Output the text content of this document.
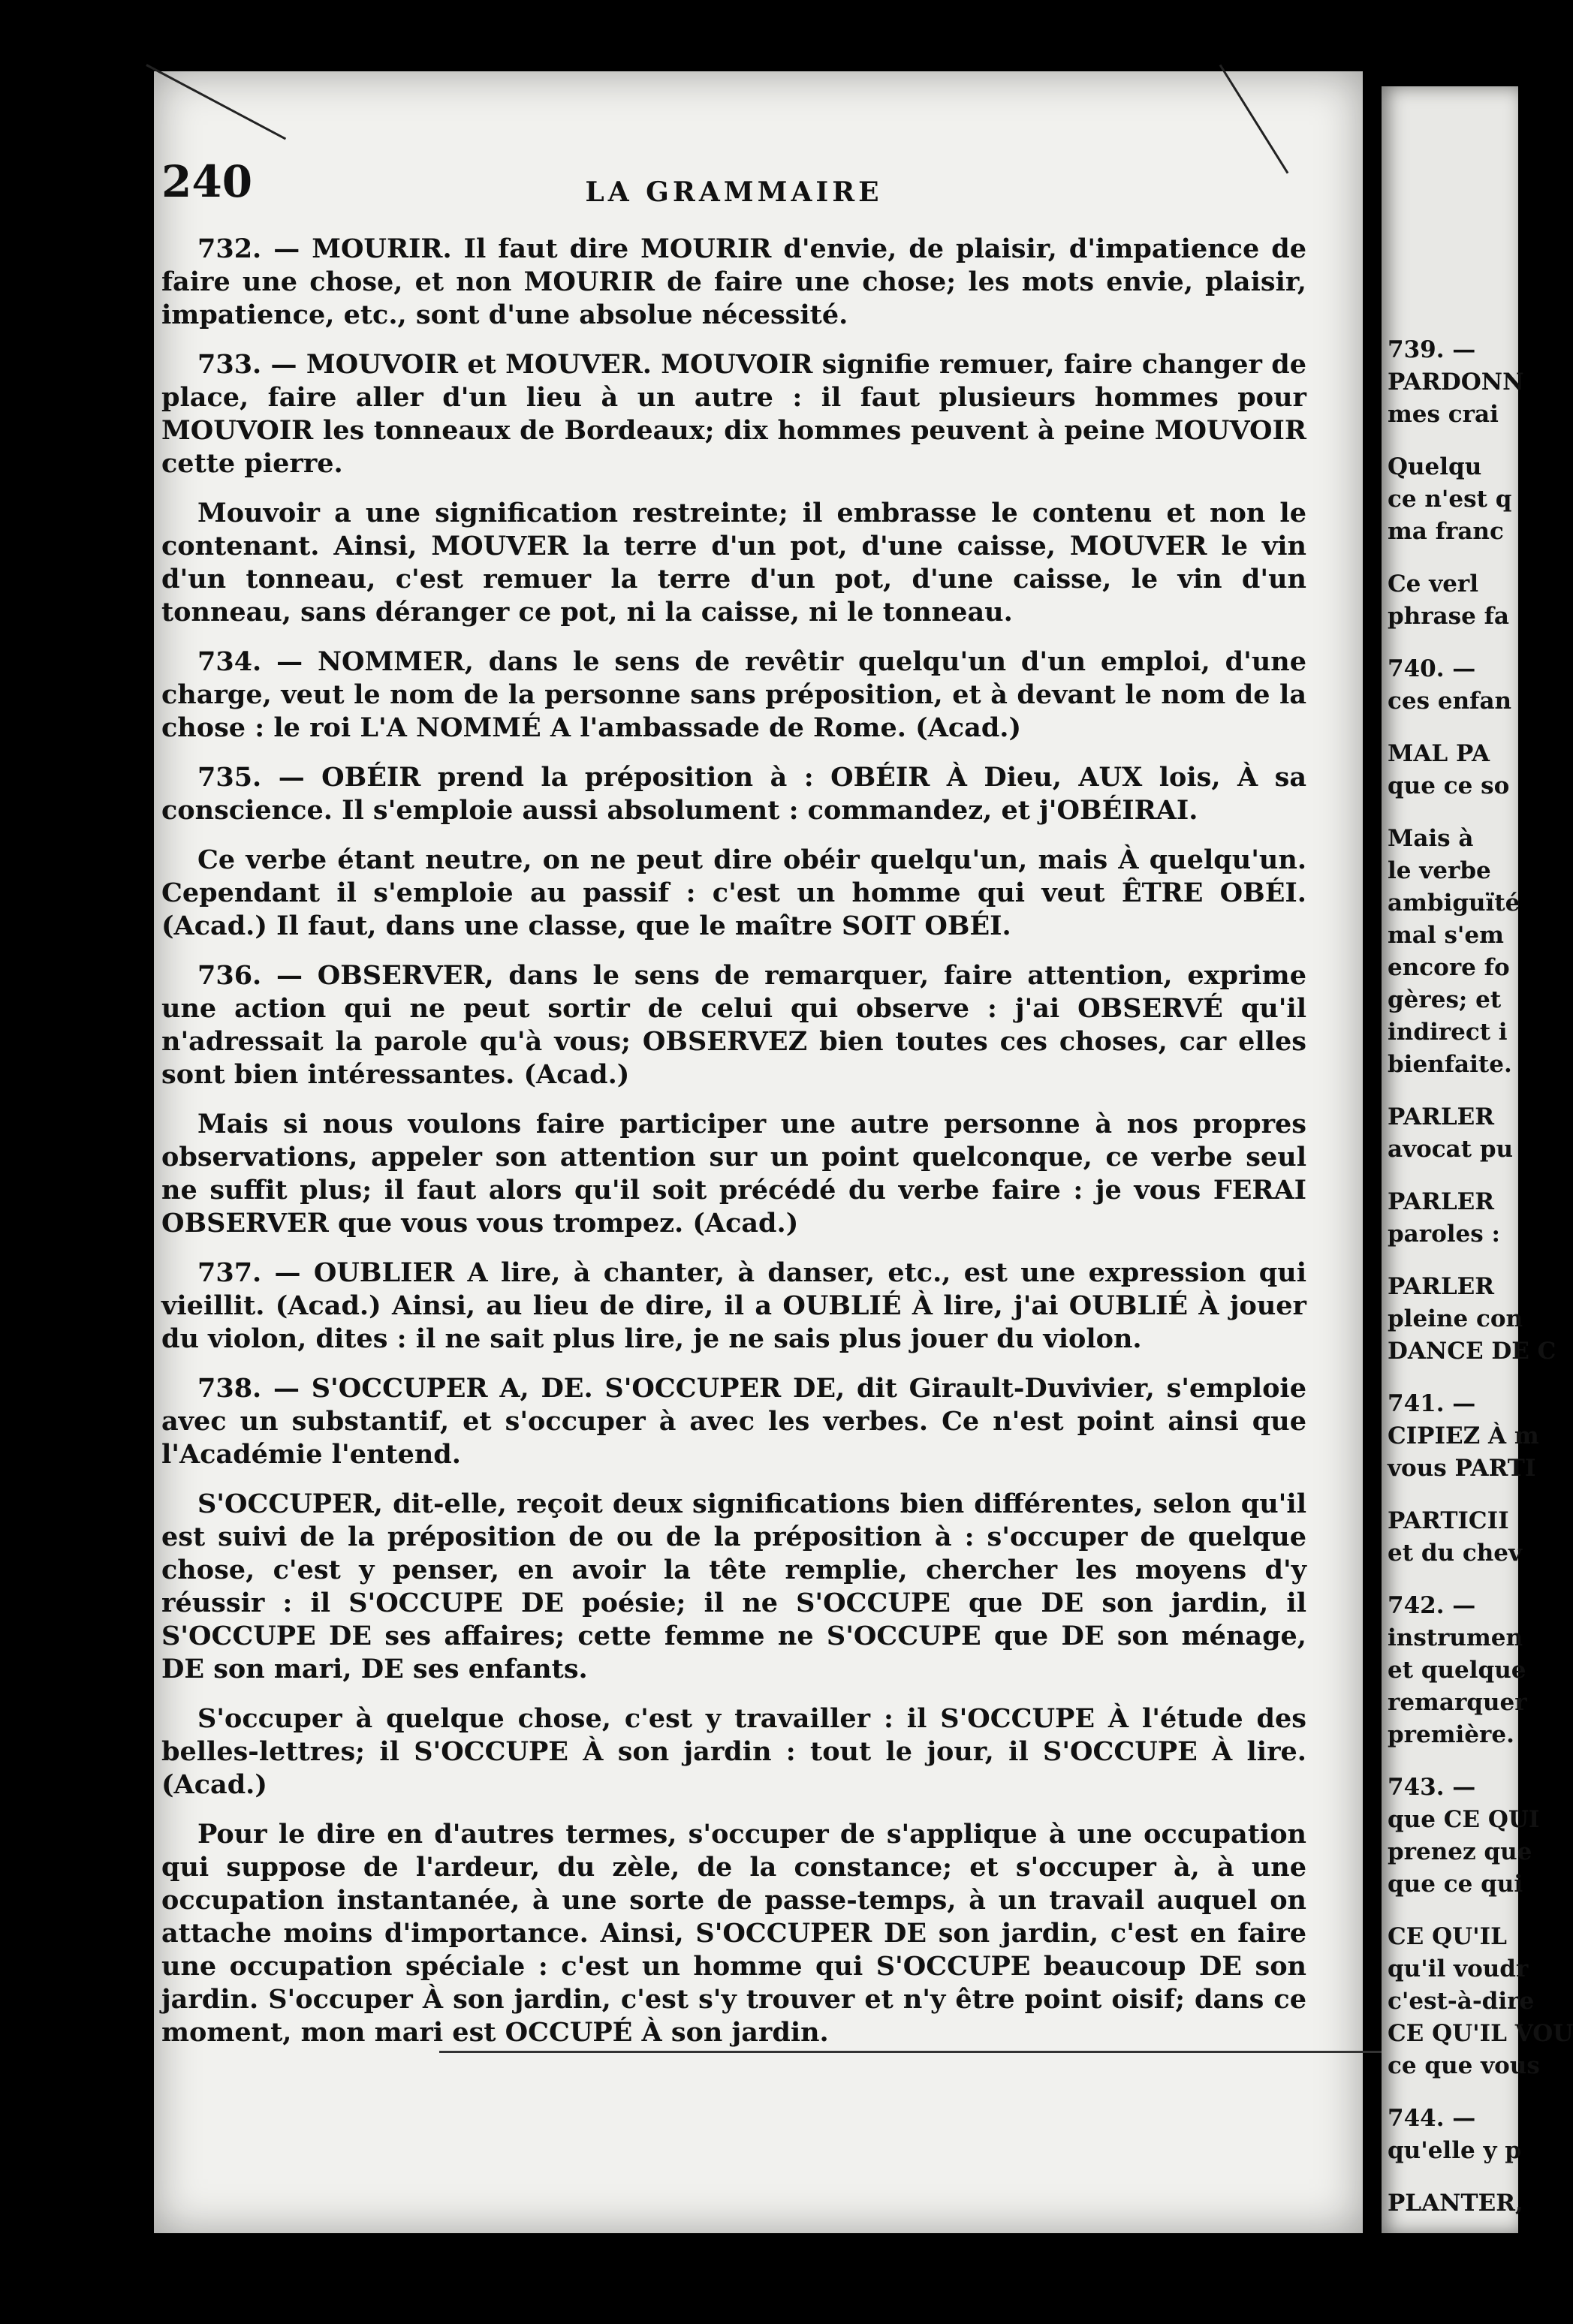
739. —
PARDONN
mes crai
Quelqu
ce n'est q
ma franc
Ce verl
phrase fa
740. —
ces enfan
MAL PA
que ce so
Mais à
le verbe
ambiguïté
mal s'em
encore fo
gères; et
indirect i
bienfaite.
PARLER
avocat pu
PARLER
paroles :
PARLER
pleine con
DANCE DE C
741. —
CIPIEZ À m
vous PARTI
PARTICII
et du chev
742. —
instrumen
et quelque
remarquer
première.
743. —
que CE QUI
prenez que
que ce qui
CE QU'IL
qu'il voudr
c'est-à-dire
CE QU'IL VOU
ce que vous
744. —
qu'elle y p
PLANTER,
240	LA GRAMMAIRE

732. — MOURIR. Il faut dire MOURIR d'envie, de plaisir, d'impatience de faire une chose, et non MOURIR de faire une chose; les mots envie, plaisir, impatience, etc., sont d'une absolue nécessité.

733. — MOUVOIR et MOUVER. MOUVOIR signifie remuer, faire changer de place, faire aller d'un lieu à un autre : il faut plusieurs hommes pour MOUVOIR les tonneaux de Bordeaux; dix hommes peuvent à peine MOUVOIR cette pierre.

Mouvoir a une signification restreinte; il embrasse le contenu et non le contenant. Ainsi, MOUVER la terre d'un pot, d'une caisse, MOUVER le vin d'un tonneau, c'est remuer la terre d'un pot, d'une caisse, le vin d'un tonneau, sans déranger ce pot, ni la caisse, ni le tonneau.

734. — NOMMER, dans le sens de revêtir quelqu'un d'un emploi, d'une charge, veut le nom de la personne sans préposition, et à devant le nom de la chose : le roi L'A NOMMÉ A l'ambassade de Rome. (Acad.)

735. — OBÉIR prend la préposition à : OBÉIR À Dieu, AUX lois, À sa conscience. Il s'emploie aussi absolument : commandez, et j'OBÉIRAI.

Ce verbe étant neutre, on ne peut dire obéir quelqu'un, mais À quelqu'un. Cependant il s'emploie au passif : c'est un homme qui veut ÊTRE OBÉI. (Acad.) Il faut, dans une classe, que le maître SOIT OBÉI.

736. — OBSERVER, dans le sens de remarquer, faire attention, exprime une action qui ne peut sortir de celui qui observe : j'ai OBSERVÉ qu'il n'adressait la parole qu'à vous; OBSERVEZ bien toutes ces choses, car elles sont bien intéressantes. (Acad.)

Mais si nous voulons faire participer une autre personne à nos propres observations, appeler son attention sur un point quelconque, ce verbe seul ne suffit plus; il faut alors qu'il soit précédé du verbe faire : je vous FERAI OBSERVER que vous vous trompez. (Acad.)

737. — OUBLIER A lire, à chanter, à danser, etc., est une expression qui vieillit. (Acad.) Ainsi, au lieu de dire, il a OUBLIÉ À lire, j'ai OUBLIÉ À jouer du violon, dites : il ne sait plus lire, je ne sais plus jouer du violon.

738. — S'OCCUPER A, DE. S'OCCUPER DE, dit Girault-Duvivier, s'emploie avec un substantif, et s'occuper à avec les verbes. Ce n'est point ainsi que l'Académie l'entend.

S'OCCUPER, dit-elle, reçoit deux significations bien différentes, selon qu'il est suivi de la préposition de ou de la préposition à : s'occuper de quelque chose, c'est y penser, en avoir la tête remplie, chercher les moyens d'y réussir : il S'OCCUPE DE poésie; il ne S'OCCUPE que DE son jardin, il S'OCCUPE DE ses affaires; cette femme ne S'OCCUPE que DE son ménage, DE son mari, DE ses enfants.

S'occuper à quelque chose, c'est y travailler : il S'OCCUPE À l'étude des belles-lettres; il S'OCCUPE À son jardin : tout le jour, il S'OCCUPE À lire. (Acad.)

Pour le dire en d'autres termes, s'occuper de s'applique à une occupation qui suppose de l'ardeur, du zèle, de la constance; et s'occuper à, à une occupation instantanée, à une sorte de passe-temps, à un travail auquel on attache moins d'importance. Ainsi, S'OCCUPER DE son jardin, c'est en faire une occupation spéciale : c'est un homme qui S'OCCUPE beaucoup DE son jardin. S'occuper À son jardin, c'est s'y trouver et n'y être point oisif; dans ce moment, mon mari est OCCUPÉ À son jardin.
